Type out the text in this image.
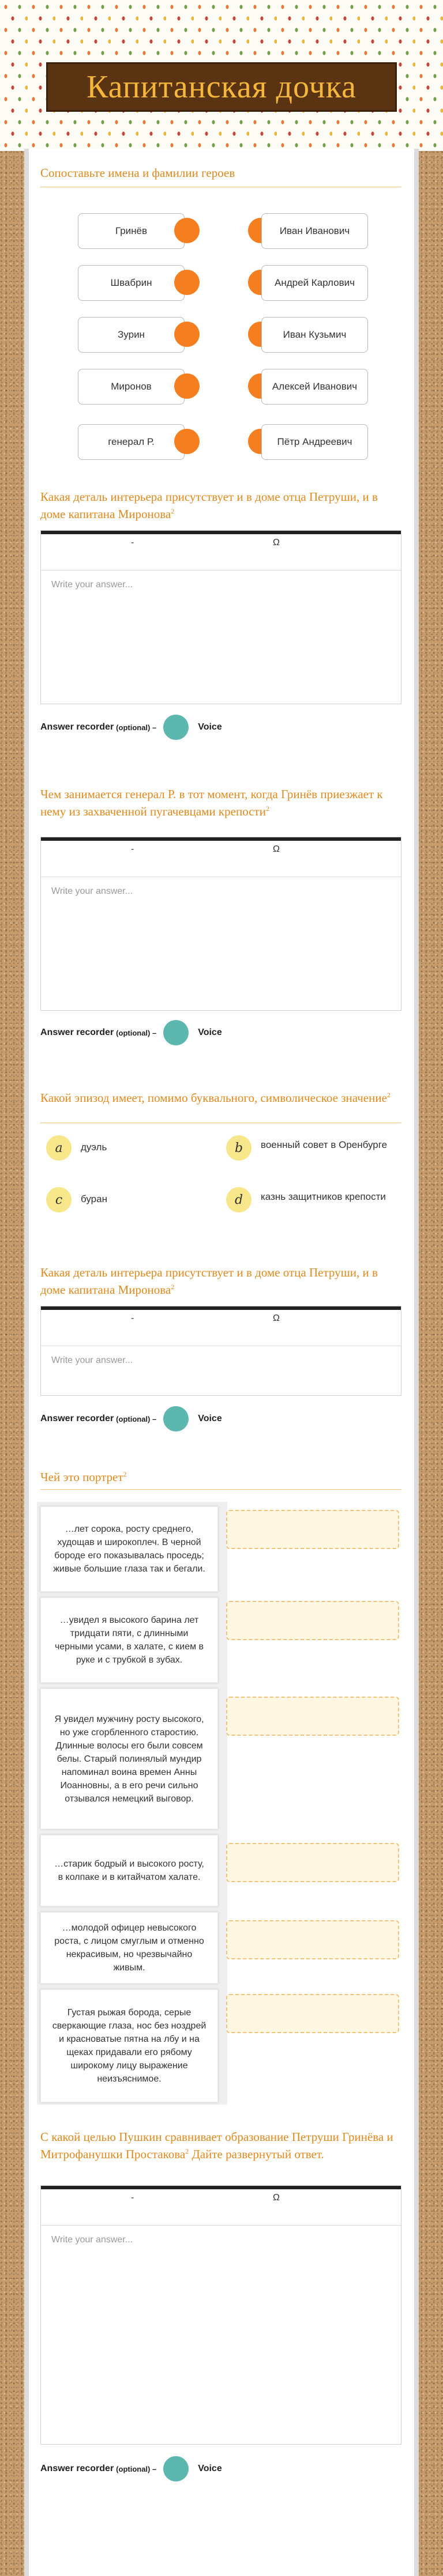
Капитанская дочка
Сопоставьте имена и фамилии героев
Гринёв	Иван Иванович
Швабрин	Андрей Карлович
Зурин	Иван Кузьмич
Миронов	Алексей Иванович
генерал Р.	Пётр Андреевич
Какая деталь интерьера присутствует и в доме отца Петруши, и в доме капитана Миронова$^2$
-	Ω
Write your answer...
Answer recorder (optional) –	Voice
Чем занимается генерал Р. в тот момент, когда Гринёв приезжает к нему из захваченной пугачевцами крепости$^2$
-	Ω
Write your answer...
Answer recorder (optional) –	Voice
Какой эпизод имеет, помимо буквального, символическое значение$^2$
a	дуэль	b	военный совет в Оренбурге
c	буран	d	казнь защитников крепости
Какая деталь интерьера присутствует и в доме отца Петруши, и в доме капитана Миронова$^2$
-	Ω
Write your answer...
Answer recorder (optional) –	Voice
Чей это портрет$^2$
…лет сорока, росту среднего, худощав и широкоплеч. В черной бороде его показывалась проседь; живые большие глаза так и бегали.
…увидел я высокого барина лет тридцати пяти, с длинными черными усами, в халате, с кием в руке и с трубкой в зубах.
Я увидел мужчину росту высокого, но уже сгорбленного старостию. Длинные волосы его были совсем белы. Старый полинялый мундир напоминал воина времен Анны Иоанновны, а в его речи сильно отзывался немецкий выговор.
…старик бодрый и высокого росту, в колпаке и в китайчатом халате.
…молодой офицер невысокого роста, с лицом смуглым и отменно некрасивым, но чрезвычайно живым.
Густая рыжая борода, серые сверкающие глаза, нос без ноздрей и красноватые пятна на лбу и на щеках придавали его рябому широкому лицу выражение неизъяснимое.
С какой целью Пушкин сравнивает образование Петруши Гринёва и Митрофанушки Простакова$^2$ Дайте развернутый ответ.
-	Ω
Write your answer...
Answer recorder (optional) –	Voice
